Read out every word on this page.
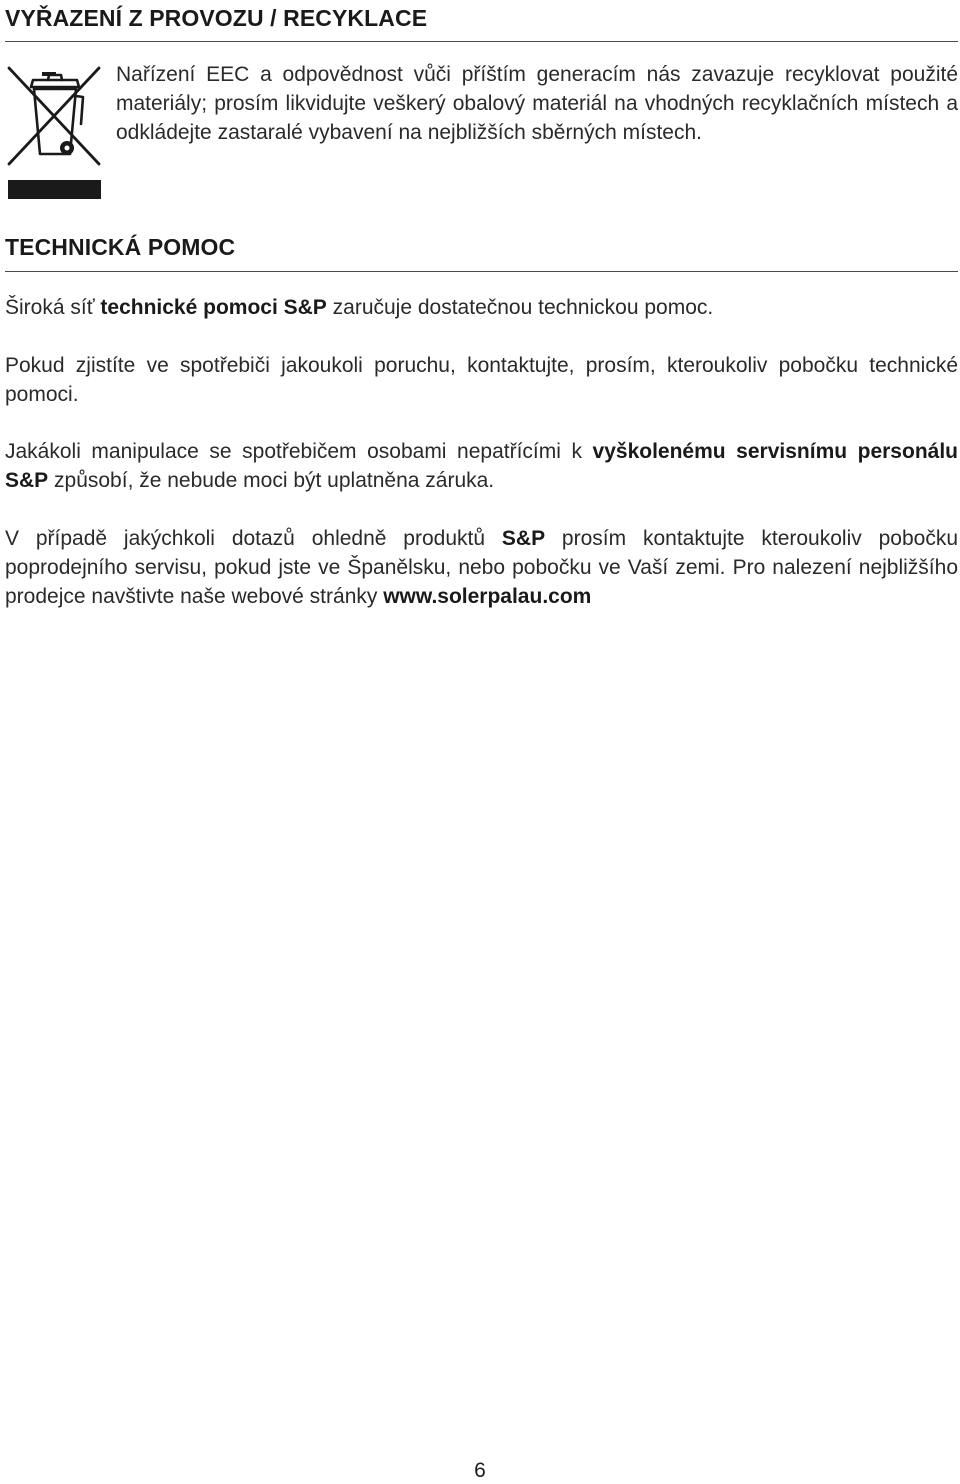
VYŘAZENÍ Z PROVOZU / RECYKLACE

Nařízení EEC a odpovědnost vůči příštím generacím nás zavazuje recyklovat použité materiály; prosím likvidujte veškerý obalový materiál na vhodných recyklačních místech a odkládejte zastaralé vybavení na nejbližších sběrných místech.

TECHNICKÁ POMOC

Široká síť technické pomoci S&P zaručuje dostatečnou technickou pomoc.

Pokud zjistíte ve spotřebiči jakoukoli poruchu, kontaktujte, prosím, kteroukoliv pobočku technické pomoci.

Jakákoli manipulace se spotřebičem osobami nepatřícími k vyškolenému servisnímu personálu S&P způsobí, že nebude moci být uplatněna záruka.

V případě jakýchkoli dotazů ohledně produktů S&P prosím kontaktujte kteroukoliv pobočku poprodejního servisu, pokud jste ve Španělsku, nebo pobočku ve Vaší zemi. Pro nalezení nejbližšího prodejce navštivte naše webové stránky www.solerpalau.com

6
